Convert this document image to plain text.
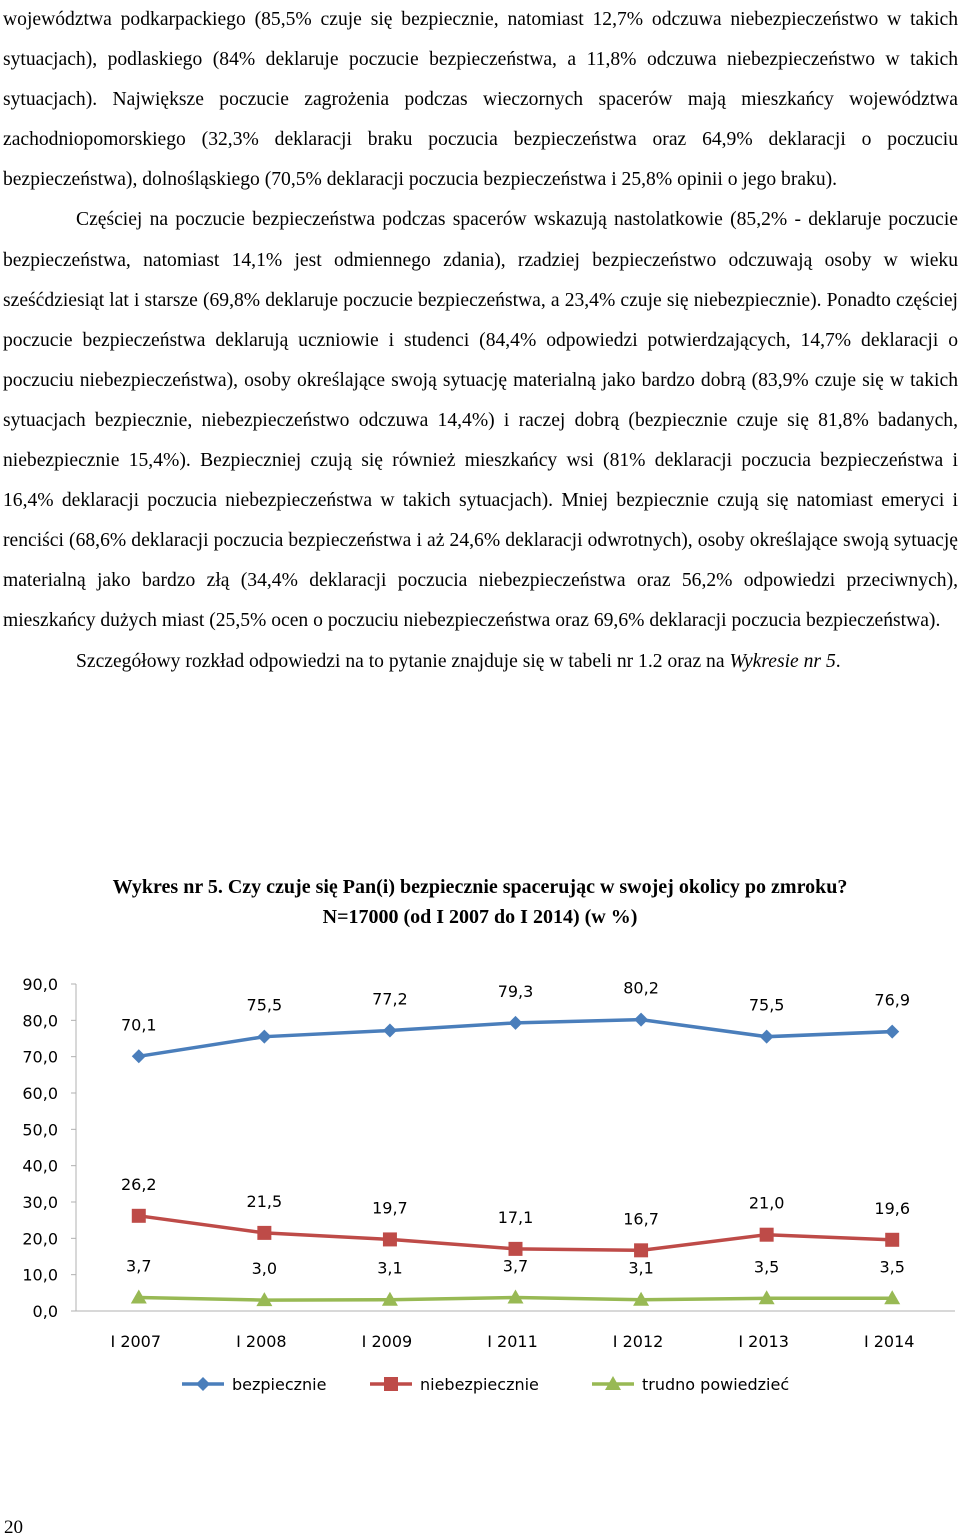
województwa podkarpackiego (85,5% czuje się bezpiecznie, natomiast 12,7% odczuwa niebezpieczeństwo w takich sytuacjach), podlaskiego (84% deklaruje poczucie bezpieczeństwa, a 11,8% odczuwa niebezpieczeństwo w takich sytuacjach). Największe poczucie zagrożenia podczas wieczornych spacerów mają mieszkańcy województwa zachodniopomorskiego (32,3% deklaracji braku poczucia bezpieczeństwa oraz 64,9% deklaracji o poczuciu bezpieczeństwa), dolnośląskiego (70,5% deklaracji poczucia bezpieczeństwa i 25,8% opinii o jego braku).

Częściej na poczucie bezpieczeństwa podczas spacerów wskazują nastolatkowie (85,2% - deklaruje poczucie bezpieczeństwa, natomiast 14,1% jest odmiennego zdania), rzadziej bezpieczeństwo odczuwają osoby w wieku sześćdziesiąt lat i starsze (69,8% deklaruje poczucie bezpieczeństwa, a 23,4% czuje się niebezpiecznie). Ponadto częściej poczucie bezpieczeństwa deklarują uczniowie i studenci (84,4% odpowiedzi potwierdzających, 14,7% deklaracji o poczuciu niebezpieczeństwa), osoby określające swoją sytuację materialną jako bardzo dobrą (83,9% czuje się w takich sytuacjach bezpiecznie, niebezpieczeństwo odczuwa 14,4%) i raczej dobrą (bezpiecznie czuje się 81,8% badanych, niebezpiecznie 15,4%). Bezpieczniej czują się również mieszkańcy wsi (81% deklaracji poczucia bezpieczeństwa i 16,4% deklaracji poczucia niebezpieczeństwa w takich sytuacjach). Mniej bezpiecznie czują się natomiast emeryci i renciści (68,6% deklaracji poczucia bezpieczeństwa i aż 24,6% deklaracji odwrotnych), osoby określające swoją sytuację materialną jako bardzo złą (34,4% deklaracji poczucia niebezpieczeństwa oraz 56,2% odpowiedzi przeciwnych), mieszkańcy dużych miast (25,5% ocen o poczuciu niebezpieczeństwa oraz 69,6% deklaracji poczucia bezpieczeństwa).

Szczegółowy rozkład odpowiedzi na to pytanie znajduje się w tabeli nr 1.2 oraz na Wykresie nr 5.

Wykres nr 5. Czy czuje się Pan(i) bezpiecznie spacerując w swojej okolicy po zmroku?
N=17000 (od I 2007 do I 2014) (w %)
0,0
10,0
20,0
30,0
40,0
50,0
60,0
70,0
80,0
90,0
I 2007	I 2008	I 2009	I 2011	I 2012	I 2013	I 2014
70,1
75,5	77,2	79,3	80,2
75,5	76,9
26,2
21,5	19,7	17,1	16,7
21,0	19,6
3,7	3,0	3,1	3,7	3,1	3,5	3,5
bezpiecznie	niebezpiecznie	trudno powiedzieć
20
